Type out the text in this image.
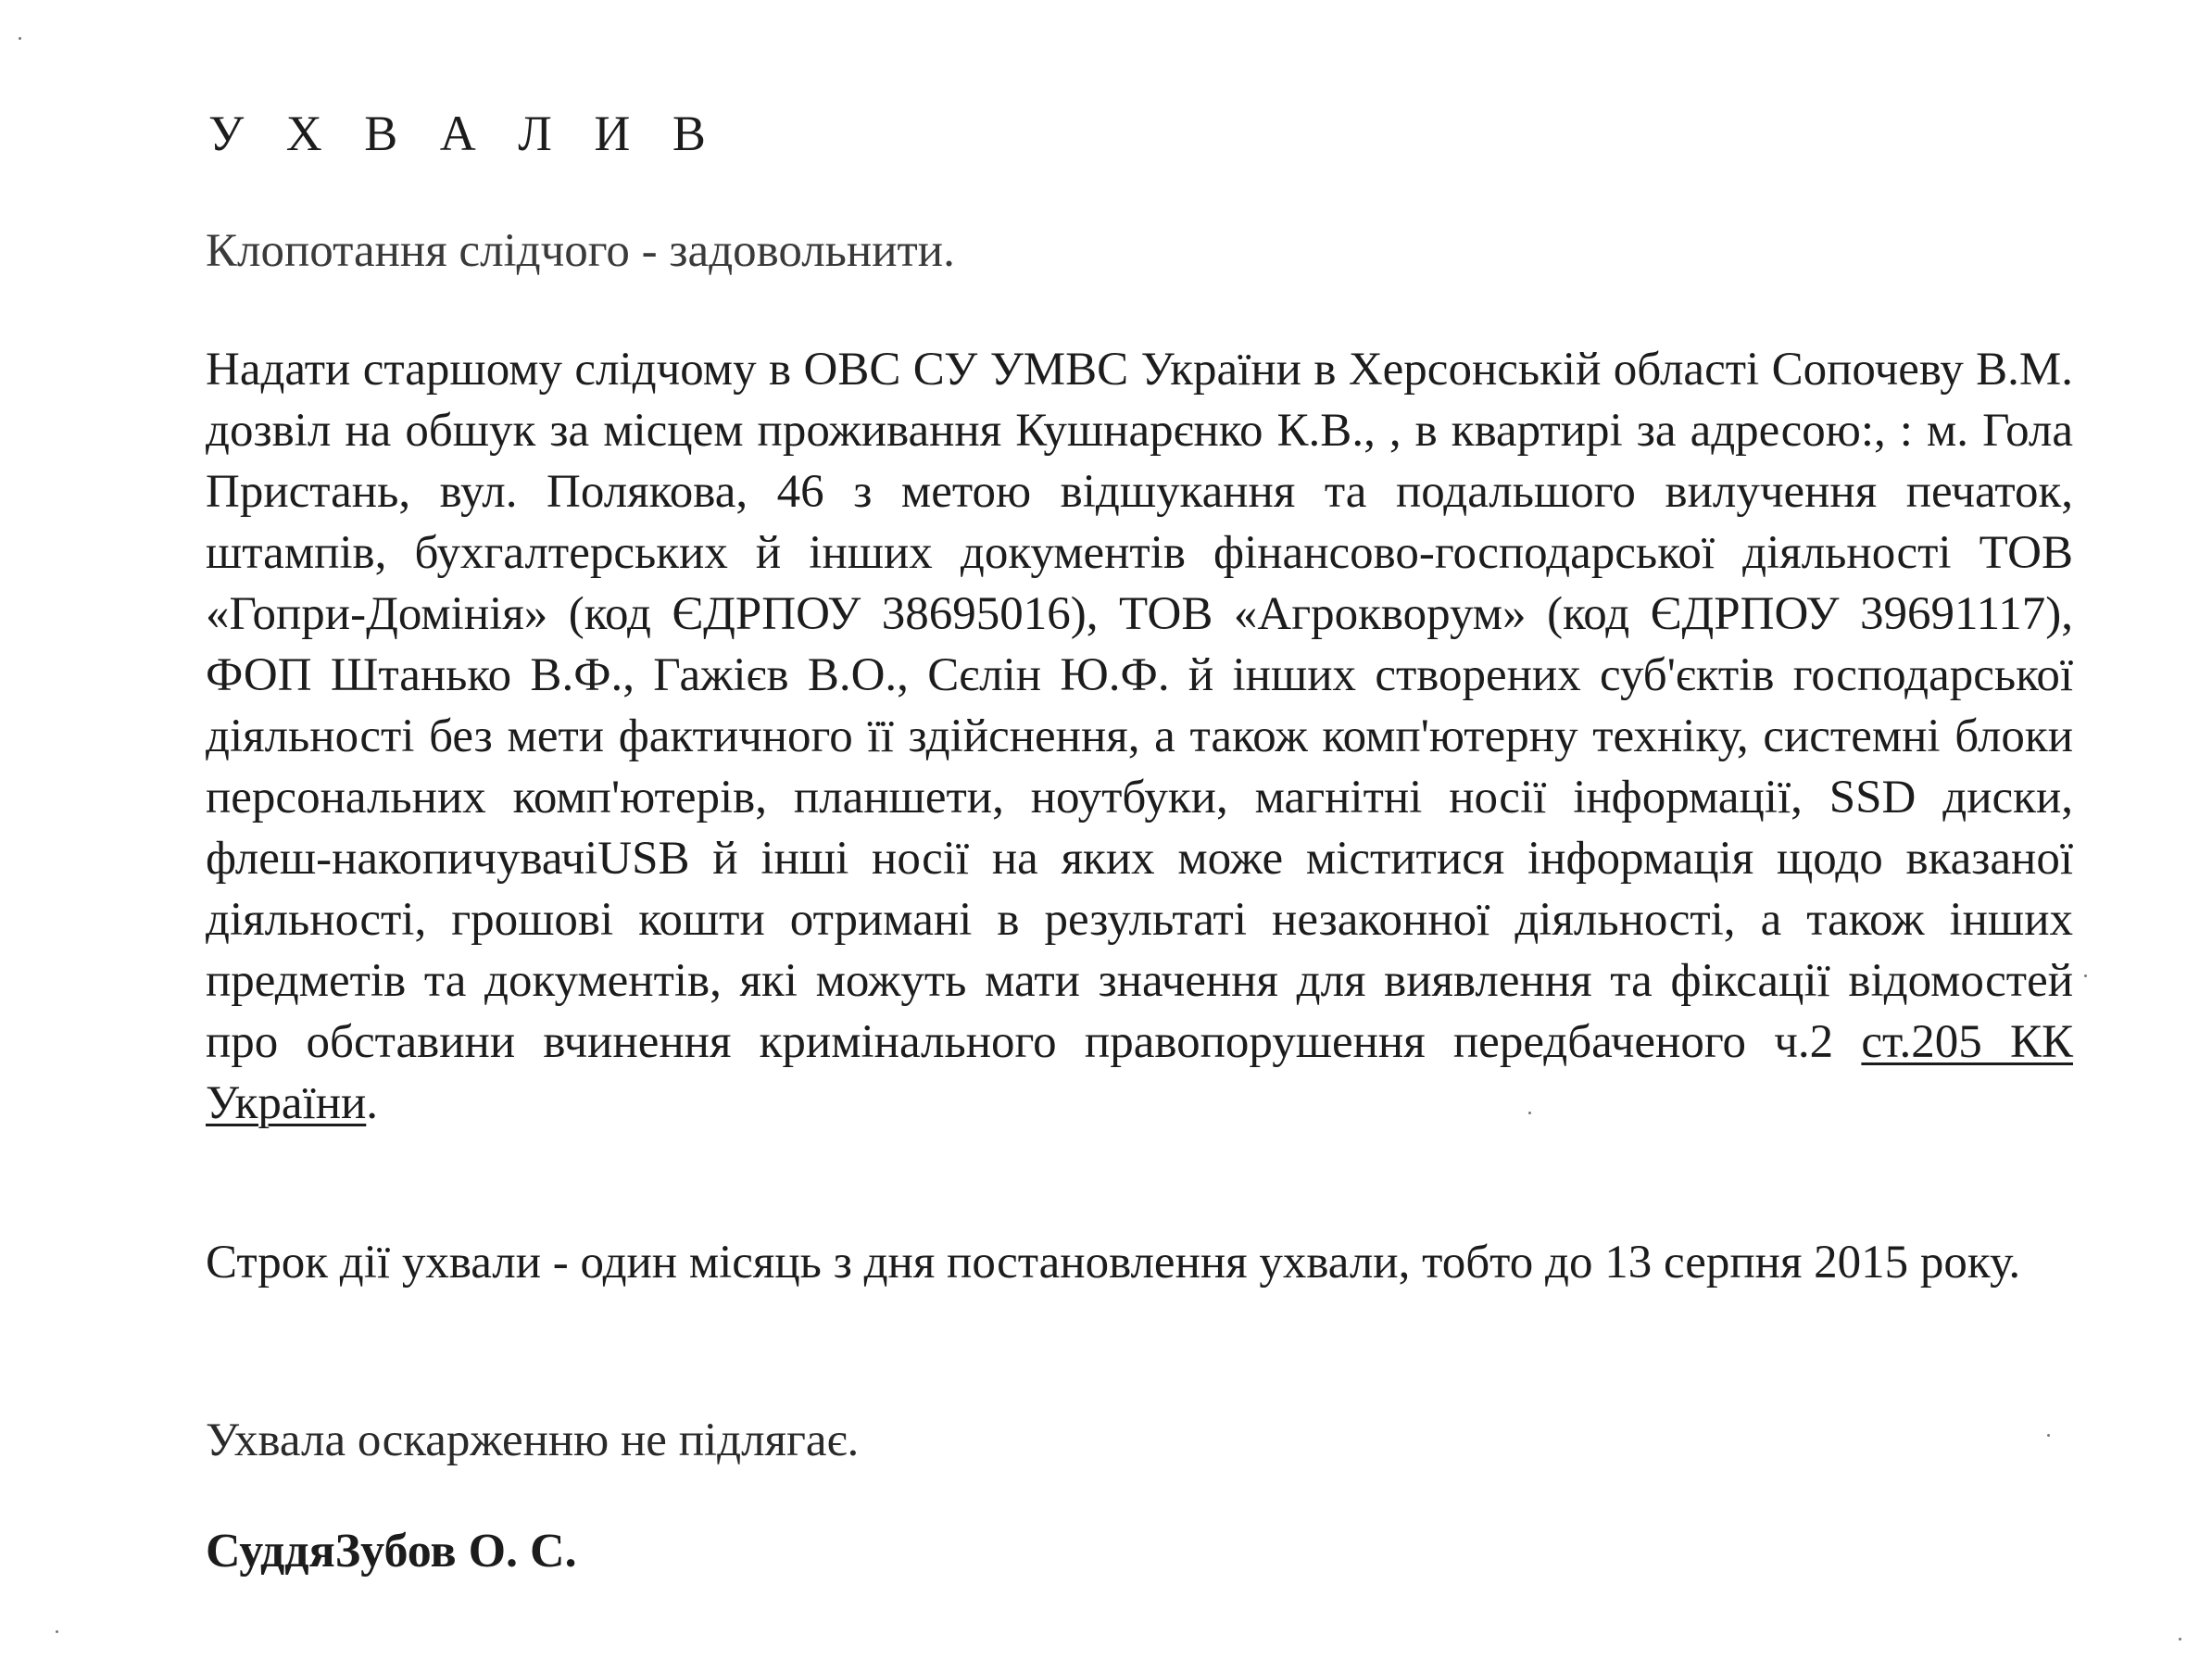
У Х В А Л И В

Клопотання слідчого - задовольнити.

Надати старшому слідчому в ОВС СУ УМВС України в Херсонській області Сопочеву В.М. дозвіл на обшук за місцем проживання Кушнарєнко К.В., , в квартирі за адресою:, : м. Гола Пристань, вул. Полякова, 46 з метою відшукання та подальшого вилучення печаток, штампів, бухгалтерських й інших документів фінансово-господарської діяльності ТОВ «Гопри-Домінія» (код ЄДРПОУ 38695016), ТОВ «Агрокворум» (код ЄДРПОУ 39691117), ФОП Штанько В.Ф., Гажієв В.О., Сєлін Ю.Ф. й інших створених суб'єктів господарської діяльності без мети фактичного її здійснення, а також комп'ютерну техніку, системні блоки персональних комп'ютерів, планшети, ноутбуки, магнітні носії інформації, SSD диски, флеш-накопичувачіUSB й інші носії на яких може міститися інформація щодо вказаної діяльності, грошові кошти отримані в результаті незаконної діяльності, а також інших предметів та документів, які можуть мати значення для виявлення та фіксації відомостей про обставини вчинення кримінального правопорушення передбаченого ч.2 ст.205 КК України.

Строк дії ухвали - один місяць з дня постановлення ухвали, тобто до 13 серпня 2015 року.

Ухвала оскарженню не підлягає.

СуддяЗубов О. С.
